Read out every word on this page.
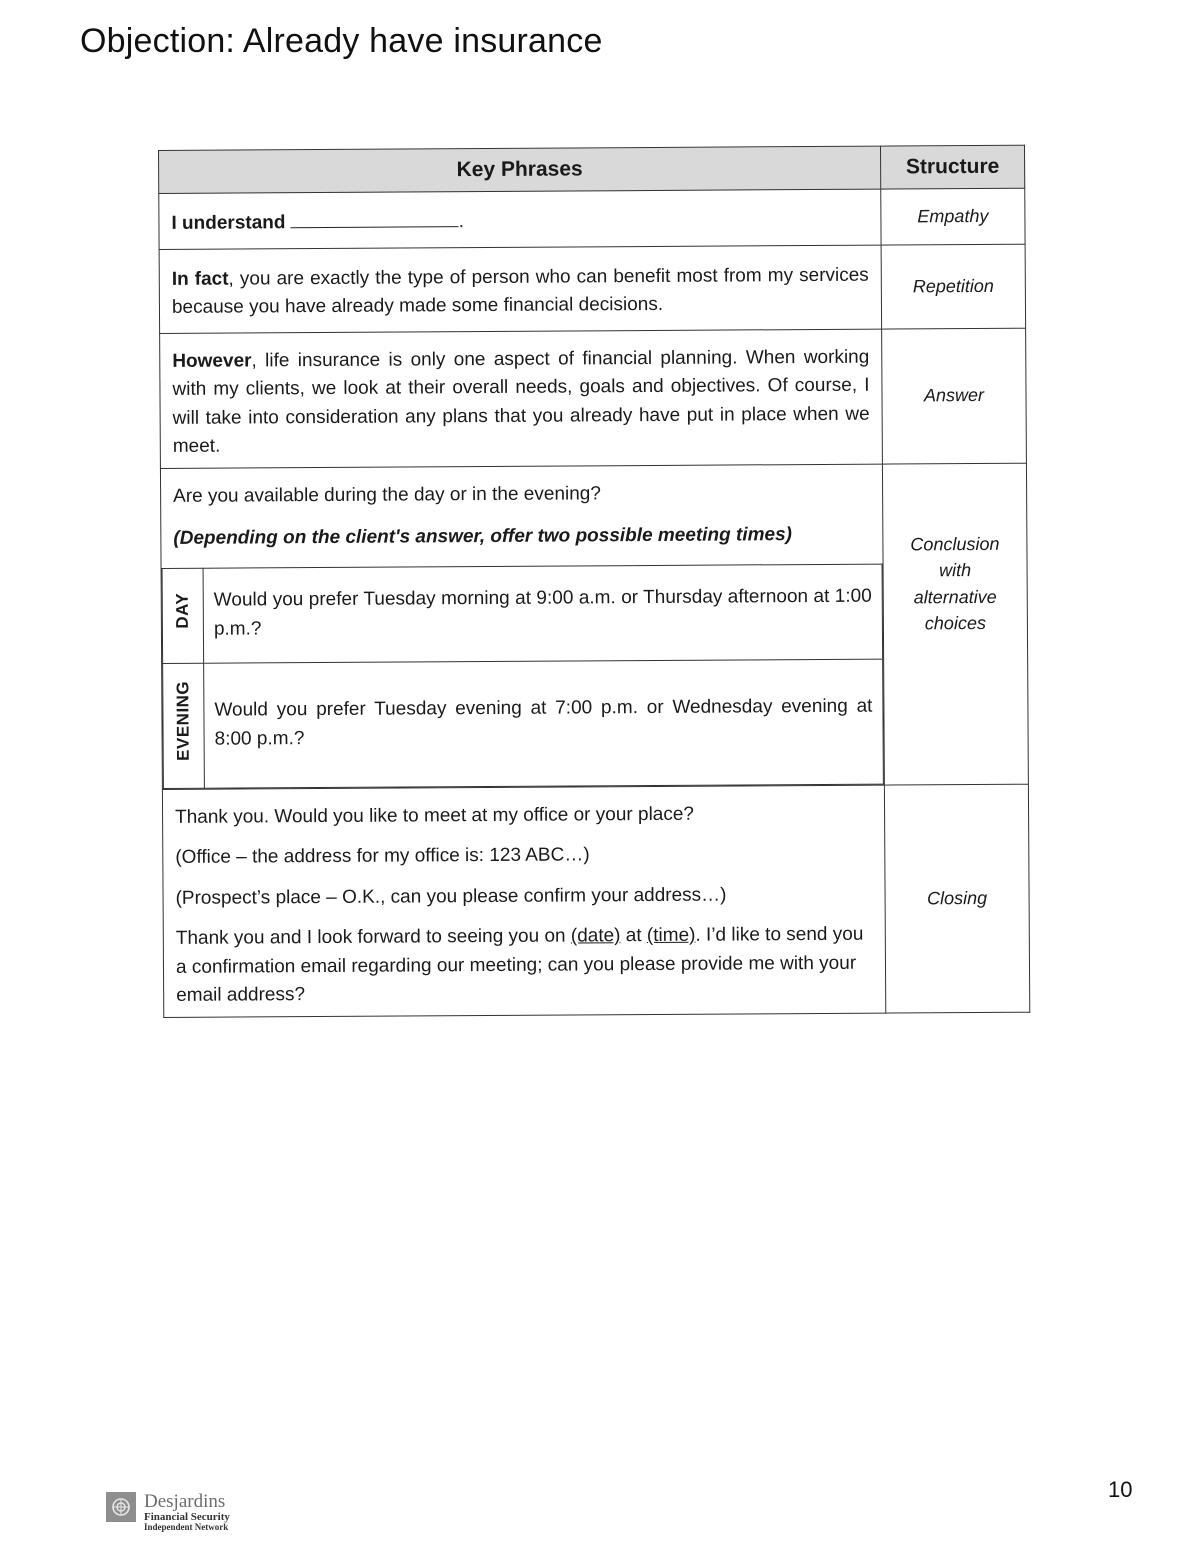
Objection: Already have insurance
Key Phrases	Structure
I understand	.	Empathy
In fact, you are exactly the type of person who can benefit most from my services because you have already made some financial decisions.	Repetition
However, life insurance is only one aspect of financial planning. When working with my clients, we look at their overall needs, goals and objectives. Of course, I will take into consideration any plans that you already have put in place when we meet.	Answer

Are you available during the day or in the evening?

(Depending on the client's answer, offer two possible meeting times)

DAY	Would you prefer Tuesday morning at 9:00 a.m. or Thursday afternoon at 1:00 p.m.?
EVENING	Would you prefer Tuesday evening at 7:00 p.m. or Wednesday evening at 8:00 p.m.?
	Conclusion with alternative choices

Thank you. Would you like to meet at my office or your place?

(Office – the address for my office is: 123 ABC…)

(Prospect’s place – O.K., can you please confirm your address…)

Thank you and I look forward to seeing you on (date) at (time). I’d like to send you a confirmation email regarding our meeting; can you please provide me with your email address?

	Closing
Desjardins
Financial Security
Independent Network
10
